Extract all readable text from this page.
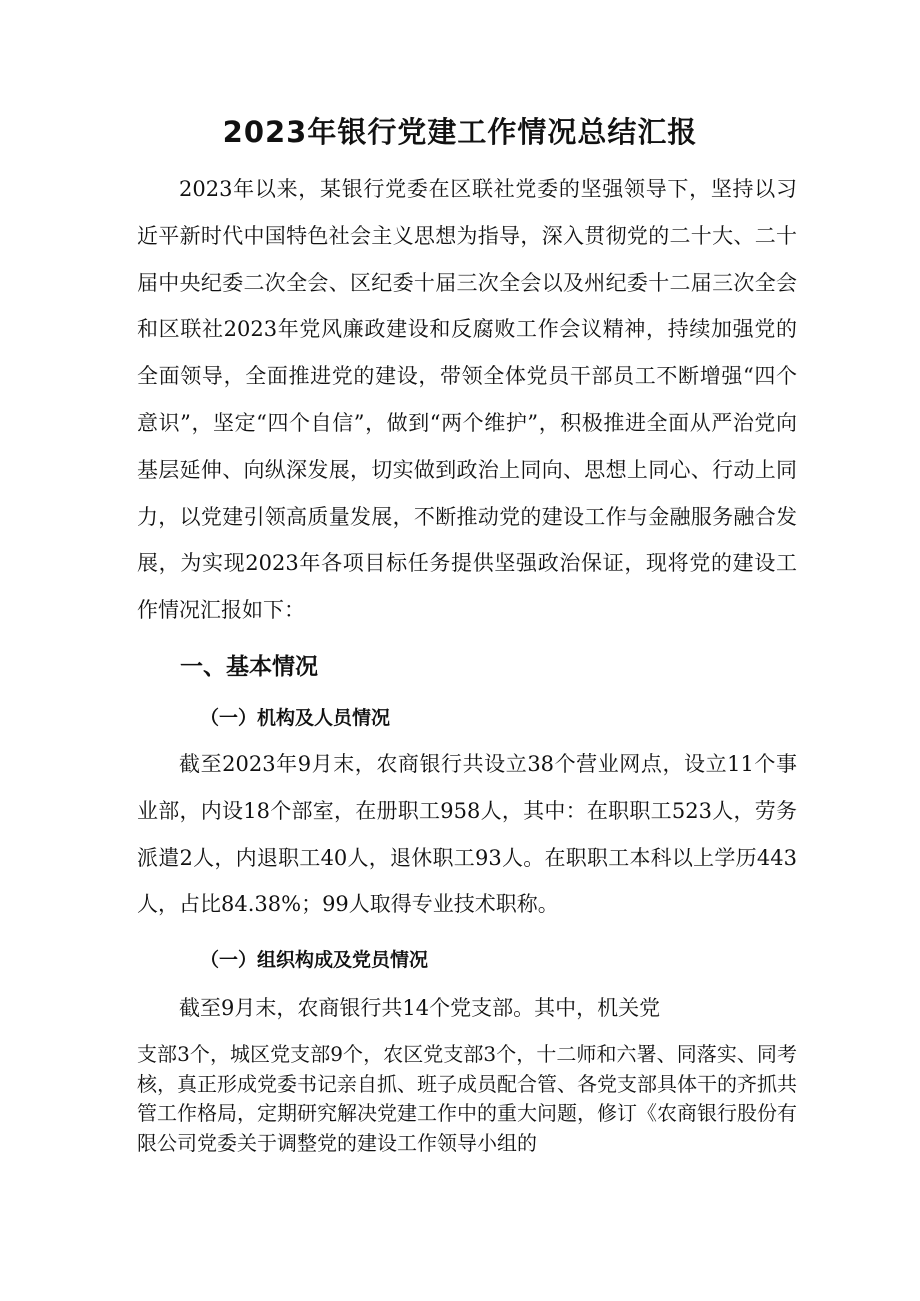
2023年银行党建工作情况总结汇报

2023年以来，某银行党委在区联社党委的坚强领导下，坚持以习近平新时代中国特色社会主义思想为指导，深入贯彻党的二十大、二十届中央纪委二次全会、区纪委十届三次全会以及州纪委十二届三次全会和区联社2023年党风廉政建设和反腐败工作会议精神，持续加强党的全面领导，全面推进党的建设，带领全体党员干部员工不断增强“四个意识”，坚定“四个自信”，做到“两个维护”，积极推进全面从严治党向基层延伸、向纵深发展，切实做到政治上同向、思想上同心、行动上同力，以党建引领高质量发展，不断推动党的建设工作与金融服务融合发展，为实现2023年各项目标任务提供坚强政治保证，现将党的建设工作情况汇报如下：

一、基本情况
（一）机构及人员情况

截至2023年9月末，农商银行共设立38个营业网点，设立11个事业部，内设18个部室，在册职工958人，其中：在职职工523人，劳务派遣2人，内退职工40人，退休职工93人。在职职工本科以上学历443人，占比84.38%；99人取得专业技术职称。

（一）组织构成及党员情况

截至9月末，农商银行共14个党支部。其中，机关党

支部3个，城区党支部9个，农区党支部3个，十二师和六署、同落实、同考核，真正形成党委书记亲自抓、班子成员配合管、各党支部具体干的齐抓共管工作格局，定期研究解决党建工作中的重大问题，修订《农商银行股份有限公司党委关于调整党的建设工作领导小组的
